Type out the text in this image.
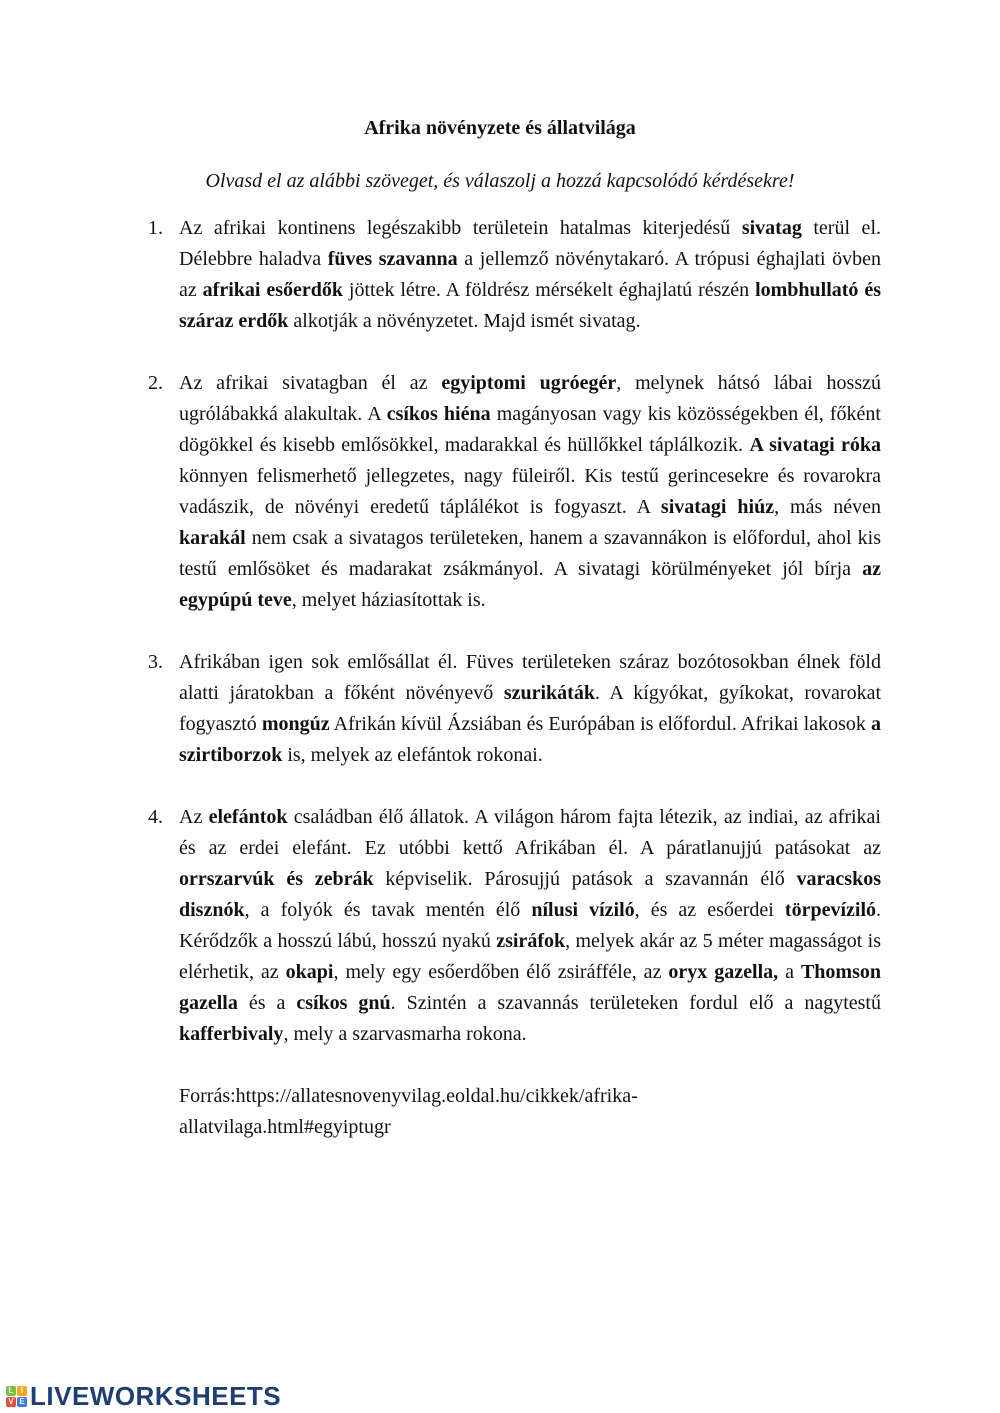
Afrika növényzete és állatvilága
Olvasd el az alábbi szöveget, és válaszolj a hozzá kapcsolódó kérdésekre!
1. Az afrikai kontinens legészakibb területein hatalmas kiterjedésű sivatag terül el. Délebbre haladva füves szavanna a jellemző növénytakaró. A trópusi éghajlati övben az afrikai esőerdők jöttek létre. A földrész mérsékelt éghajlatú részén lombhullató és száraz erdők alkotják a növényzetet. Majd ismét sivatag.
2. Az afrikai sivatagban él az egyiptomi ugróegér, melynek hátsó lábai hosszú ugrólábakká alakultak. A csíkos hiéna magányosan vagy kis közösségekben él, főként dögökkel és kisebb emlősökkel, madarakkal és hüllőkkel táplálkozik. A sivatagi róka könnyen felismerhető jellegzetes, nagy füleiről. Kis testű gerincesekre és rovarokra vadászik, de növényi eredetű táplálékot is fogyaszt. A sivatagi hiúz, más néven karakál nem csak a sivatagos területeken, hanem a szavannákon is előfordul, ahol kis testű emlősöket és madarakat zsákmányol. A sivatagi körülményeket jól bírja az egypúpú teve, melyet háziasítottak is.
3. Afrikában igen sok emlősállat él. Füves területeken száraz bozótosokban élnek föld alatti járatokban a főként növényevő szurikáták. A kígyókat, gyíkokat, rovarokat fogyasztó mongúz Afrikán kívül Ázsiában és Európában is előfordul. Afrikai lakosok a szirtiborzok is, melyek az elefántok rokonai.
4. Az elefántok családban élő állatok. A világon három fajta létezik, az indiai, az afrikai és az erdei elefánt. Ez utóbbi kettő Afrikában él. A páratlanujjú patásokat az orrszarvúk és zebrák képviselik. Párosujjú patások a szavannán élő varacskos disznók, a folyók és tavak mentén élő nílusi víziló, és az esőerdei törpevíziló. Kérődzők a hosszú lábú, hosszú nyakú zsiráfok, melyek akár az 5 méter magasságot is elérhetik, az okapi, mely egy esőerdőben élő zsiráfféle, az oryx gazella, a Thomson gazella és a csíkos gnú. Szintén a szavannás területeken fordul elő a nagytestű kafferbivaly, mely a szarvasmarha rokona.
Forrás:https://allatesnovenyvilag.eoldal.hu/cikkek/afrika-
allatvilaga.html#egyiptugr
L I
V E LIVEWORKSHEETS
